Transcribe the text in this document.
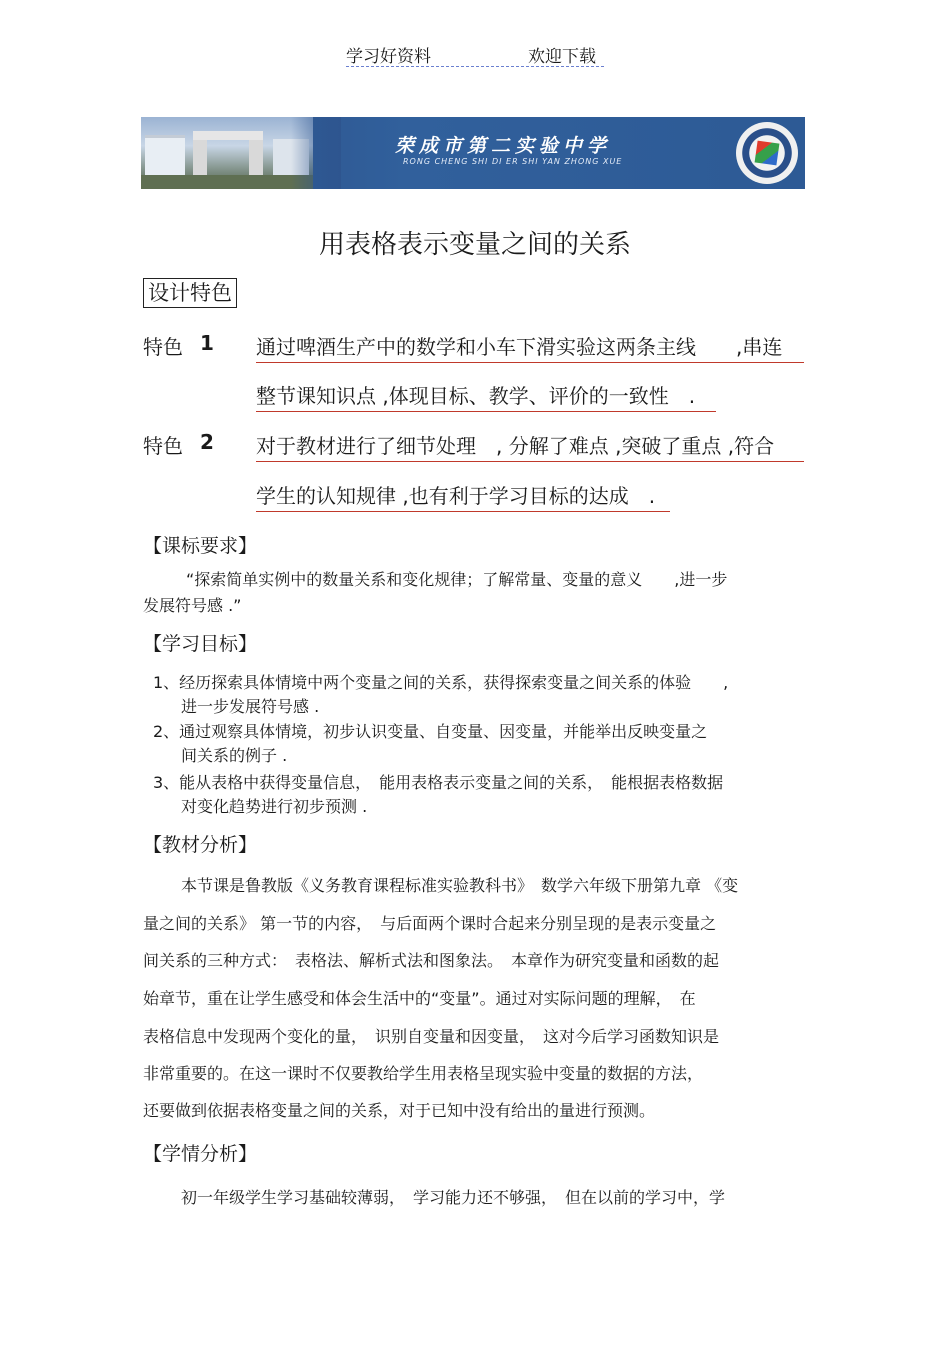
学习好资料	欢迎下载
荣成市第二实验中学
RONG CHENG SHI DI ER SHI YAN ZHONG XUE
用表格表示变量之间的关系
设计特色
特色 1 通过啤酒生产中的数学和小车下滑实验这两条主线　　,串连
整节课知识点 ,体现目标、教学、评价的一致性　.
特色 2 对于教材进行了细节处理　, 分解了难点 ,突破了重点 ,符合
学生的认知规律 ,也有利于学习目标的达成　.
【课标要求】
“探索简单实例中的数量关系和变化规律；了解常量、变量的意义　　,进一步
发展符号感 .”
【学习目标】
1、经历探索具体情境中两个变量之间的关系，获得探索变量之间关系的体验　　,
进一步发展符号感 .
2、通过观察具体情境，初步认识变量、自变量、因变量，并能举出反映变量之
间关系的例子 .
3、能从表格中获得变量信息，　能用表格表示变量之间的关系，　能根据表格数据
对变化趋势进行初步预测 .
【教材分析】
本节课是鲁教版《义务教育课程标准实验教科书》　数学六年级下册第九章 《变
量之间的关系》 第一节的内容，　与后面两个课时合起来分别呈现的是表示变量之
间关系的三种方式：　表格法、解析式法和图象法。　本章作为研究变量和函数的起
始章节，重在让学生感受和体会生活中的“变量”。通过对实际问题的理解，　在
表格信息中发现两个变化的量，　识别自变量和因变量，　这对今后学习函数知识是
非常重要的。在这一课时不仅要教给学生用表格呈现实验中变量的数据的方法，
还要做到依据表格变量之间的关系，对于已知中没有给出的量进行预测。
【学情分析】
初一年级学生学习基础较薄弱，　学习能力还不够强，　但在以前的学习中，学
